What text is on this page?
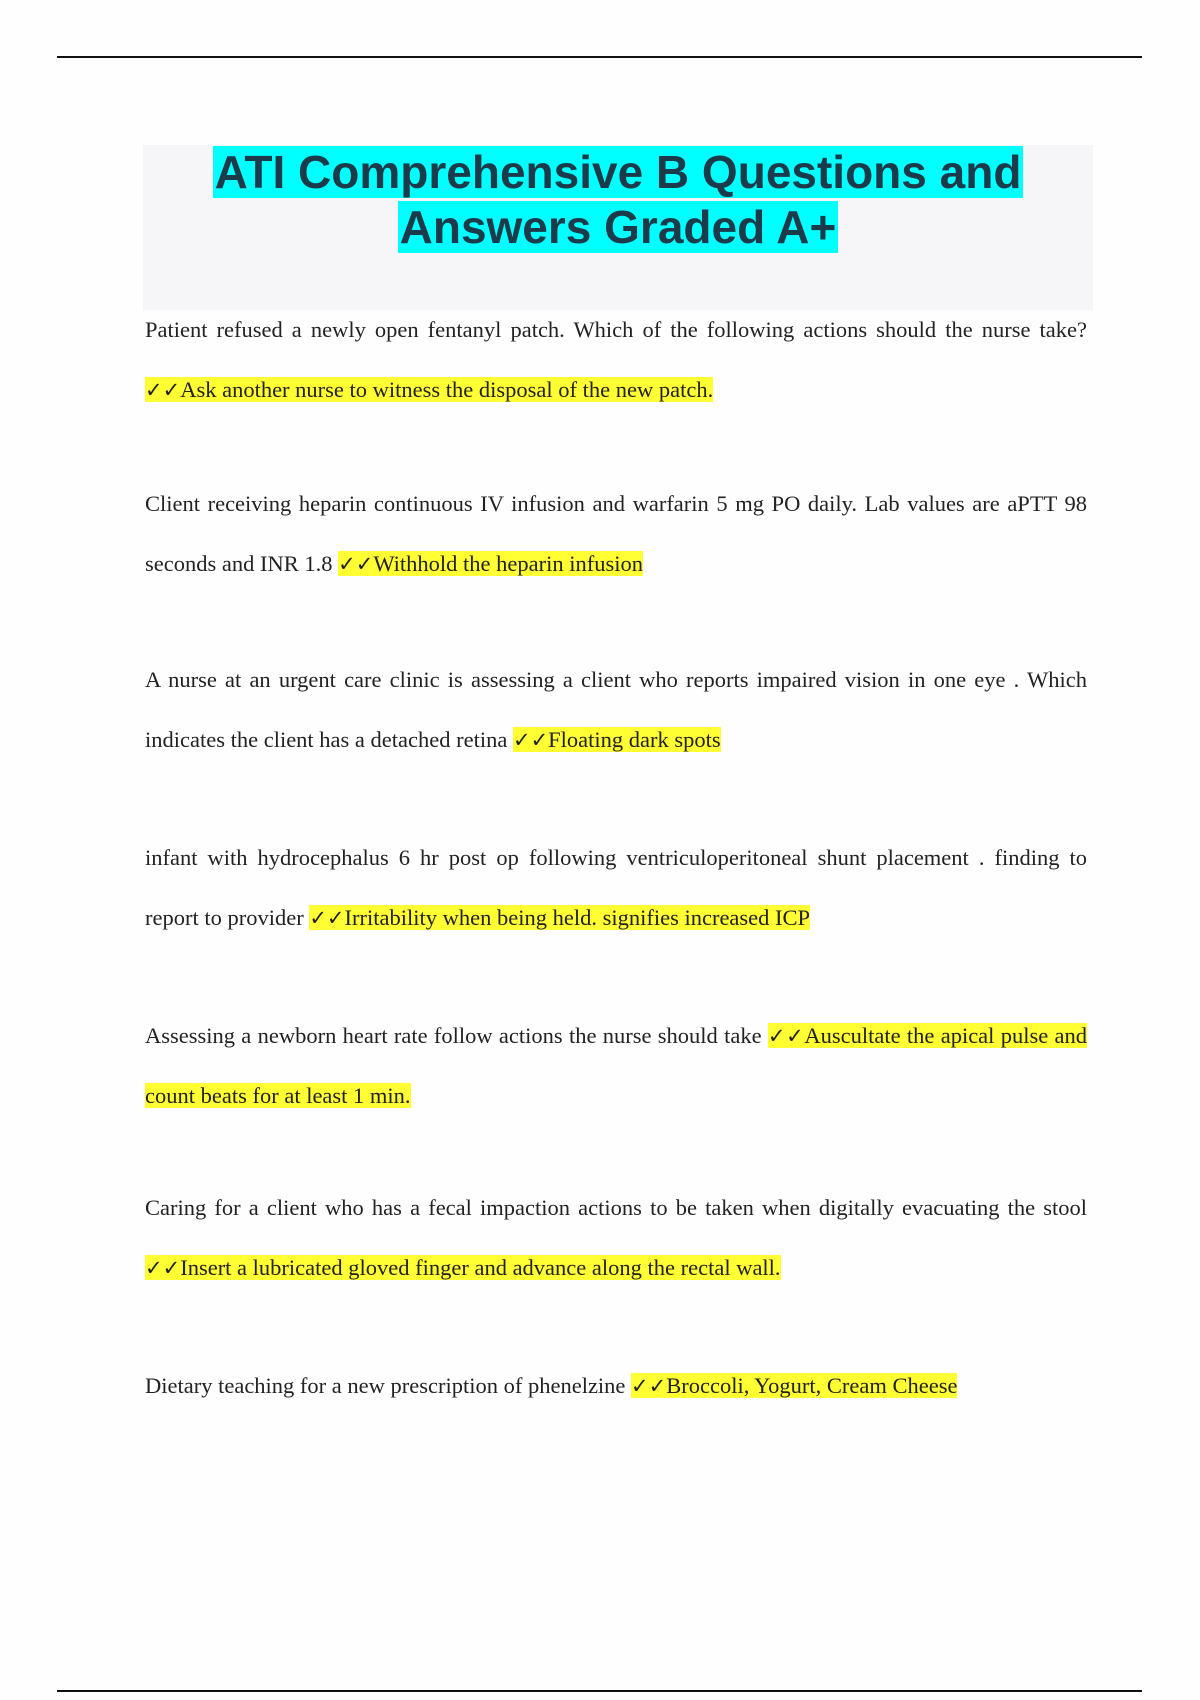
ATI Comprehensive B Questions and
Answers Graded A+

Patient refused a newly open fentanyl patch. Which of the following actions should the nurse take? ✓✓Ask another nurse to witness the disposal of the new patch.

Client receiving heparin continuous IV infusion and warfarin 5 mg PO daily. Lab values are aPTT 98 seconds and INR 1.8 ✓✓Withhold the heparin infusion

A nurse at an urgent care clinic is assessing a client who reports impaired vision in one eye . Which indicates the client has a detached retina ✓✓Floating dark spots

infant with hydrocephalus 6 hr post op following ventriculoperitoneal shunt placement . finding to report to provider ✓✓Irritability when being held. signifies increased ICP

Assessing a newborn heart rate follow actions the nurse should take ✓✓Auscultate the apical pulse and count beats for at least 1 min.

Caring for a client who has a fecal impaction actions to be taken when digitally evacuating the stool ✓✓Insert a lubricated gloved finger and advance along the rectal wall.

Dietary teaching for a new prescription of phenelzine ✓✓Broccoli, Yogurt, Cream Cheese
